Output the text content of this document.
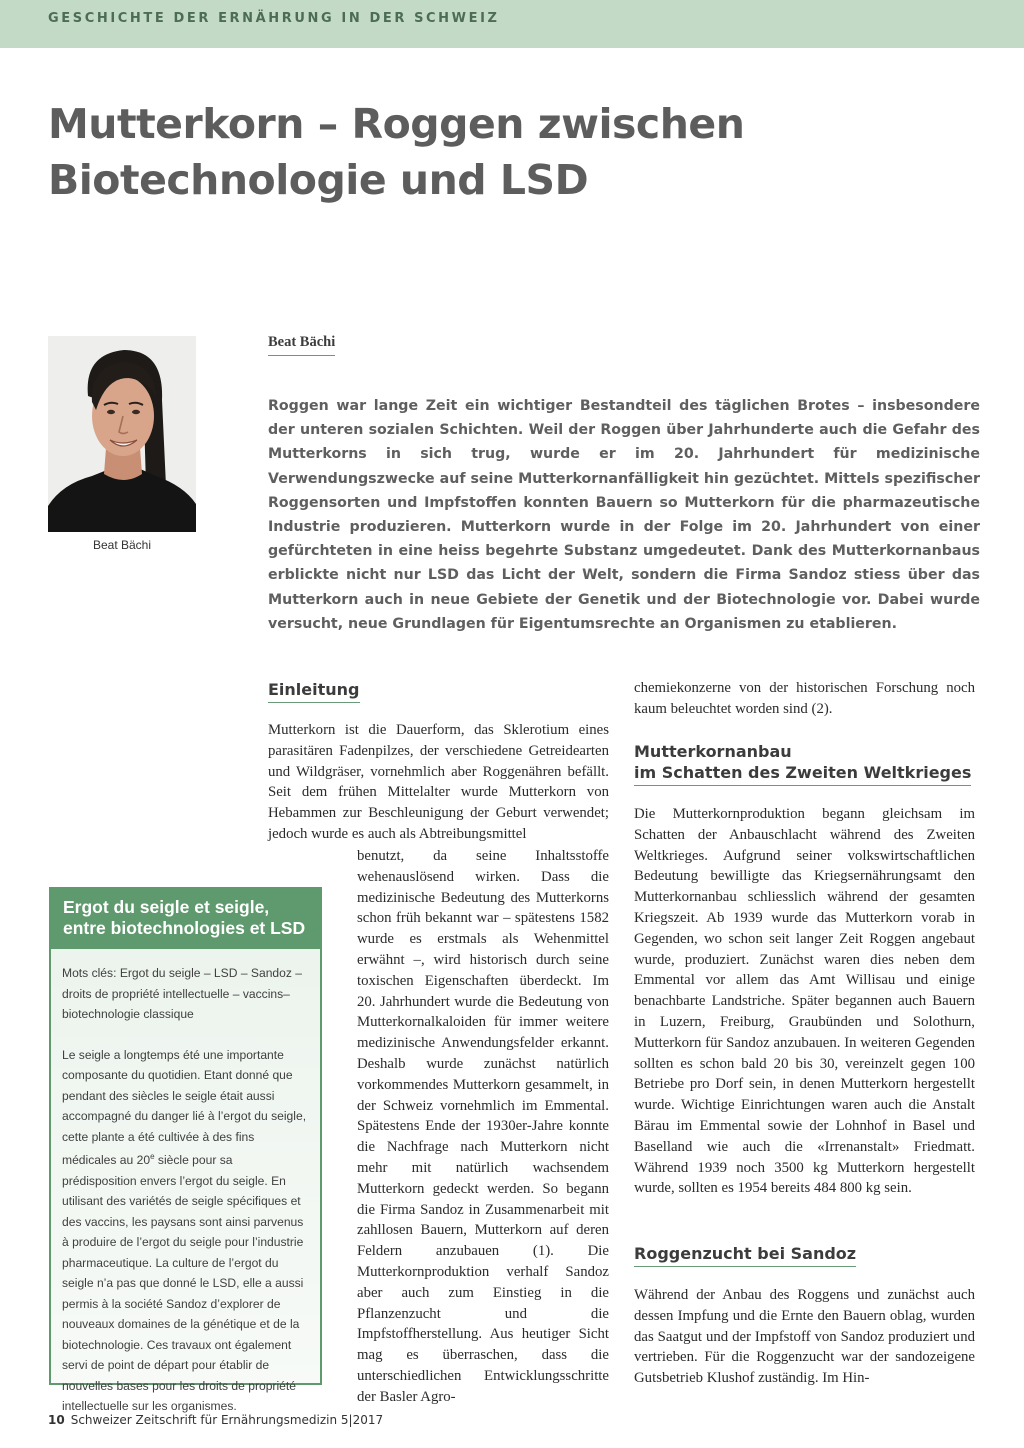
GESCHICHTE DER ERNÄHRUNG IN DER SCHWEIZ
Mutterkorn – Roggen zwischen
Biotechnologie und LSD
Beat Bächi
Beat Bächi

Roggen war lange Zeit ein wichtiger Bestandteil des täglichen Brotes – insbesondere der unteren sozialen Schichten. Weil der Roggen über Jahrhunderte auch die Gefahr des Mutterkorns in sich trug, wurde er im 20. Jahrhundert für medizinische Verwendungszwecke auf seine Mutterkornanfälligkeit hin gezüchtet. Mittels spezifischer Roggensorten und Impfstoffen konnten Bauern so Mutterkorn für die pharmazeutische Industrie produzieren. Mutterkorn wurde in der Folge im 20. Jahrhundert von einer gefürchteten in eine heiss begehrte Substanz umgedeutet. Dank des Mutterkornanbaus erblickte nicht nur LSD das Licht der Welt, sondern die Firma Sandoz stiess über das Mutterkorn auch in neue Gebiete der Genetik und der Biotechnologie vor. Dabei wurde versucht, neue Grundlagen für Eigentumsrechte an Organismen zu etablieren.

Einleitung

Mutterkorn ist die Dauerform, das Sklerotium eines parasitären Fadenpilzes, der verschiedene Getreidearten und Wildgräser, vornehmlich aber Roggenähren befällt. Seit dem frühen Mittelalter wurde Mutterkorn von Hebammen zur Beschleunigung der Geburt verwendet; jedoch wurde es auch als Abtreibungsmittel

benutzt, da seine Inhaltsstoffe wehenauslösend wirken. Dass die medizinische Bedeutung des Mutterkorns schon früh bekannt war – spätestens 1582 wurde es erstmals als Wehenmittel erwähnt –, wird historisch durch seine toxischen Eigenschaften überdeckt. Im 20. Jahrhundert wurde die Bedeutung von Mutterkornalkaloiden für immer weitere medizinische Anwendungsfelder erkannt. Deshalb wurde zunächst natürlich vorkommendes Mutterkorn gesammelt, in der Schweiz vornehmlich im Emmental. Spätestens Ende der 1930er-Jahre konnte die Nachfrage nach Mutterkorn nicht mehr mit natürlich wachsendem Mutterkorn gedeckt werden. So begann die Firma Sandoz in Zusammenarbeit mit zahllosen Bauern, Mutterkorn auf deren Feldern anzubauen (1). Die Mutterkornproduktion verhalf Sandoz aber auch zum Einstieg in die Pflanzenzucht und die Impfstoffherstellung. Aus heutiger Sicht mag es überraschen, dass die unterschiedlichen Entwicklungsschritte der Basler Agro-

chemiekonzerne von der historischen Forschung noch kaum beleuchtet worden sind (2).

Mutterkornanbau
im Schatten des Zweiten Weltkrieges

Die Mutterkornproduktion begann gleichsam im Schatten der Anbauschlacht während des Zweiten Weltkrieges. Aufgrund seiner volkswirtschaftlichen Bedeutung bewilligte das Kriegsernährungsamt den Mutterkornanbau schliesslich während der gesamten Kriegszeit. Ab 1939 wurde das Mutterkorn vorab in Gegenden, wo schon seit langer Zeit Roggen angebaut wurde, produziert. Zunächst waren dies neben dem Emmental vor allem das Amt Willisau und einige benachbarte Landstriche. Später begannen auch Bauern in Luzern, Freiburg, Graubünden und Solothurn, Mutterkorn für Sandoz anzubauen. In weiteren Gegenden sollten es schon bald 20 bis 30, vereinzelt gegen 100 Betriebe pro Dorf sein, in denen Mutterkorn hergestellt wurde. Wichtige Einrichtungen waren auch die Anstalt Bärau im Emmental sowie der Lohnhof in Basel und Baselland wie auch die «Irrenanstalt» Friedmatt. Während 1939 noch 3500 kg Mutterkorn hergestellt wurde, sollten es 1954 bereits 484 800 kg sein.

Roggenzucht bei Sandoz

Während der Anbau des Roggens und zunächst auch dessen Impfung und die Ernte den Bauern oblag, wurden das Saatgut und der Impfstoff von Sandoz produziert und vertrieben. Für die Roggenzucht war der sandozeigene Gutsbetrieb Klushof zuständig. Im Hin-

Ergot du seigle et seigle,
entre biotechnologies et LSD

Mots clés: Ergot du seigle – LSD – Sandoz – droits de propriété intellectuelle – vaccins– biotechnologie classique

Le seigle a longtemps été une importante composante du quotidien. Etant donné que pendant des siècles le seigle était aussi accompagné du danger lié à l’ergot du seigle, cette plante a été cultivée à des fins médicales au 20e siècle pour sa prédisposition envers l’ergot du seigle. En utilisant des variétés de seigle spécifiques et des vaccins, les paysans sont ainsi parvenus à produire de l’ergot du seigle pour l’industrie pharmaceutique. La culture de l’ergot du seigle n’a pas que donné le LSD, elle a aussi permis à la société Sandoz d’explorer de nouveaux domaines de la génétique et de la biotechnologie. Ces travaux ont également servi de point de départ pour établir de nouvelles bases pour les droits de propriété intellectuelle sur les organismes.

10 Schweizer Zeitschrift für Ernährungsmedizin 5|2017
